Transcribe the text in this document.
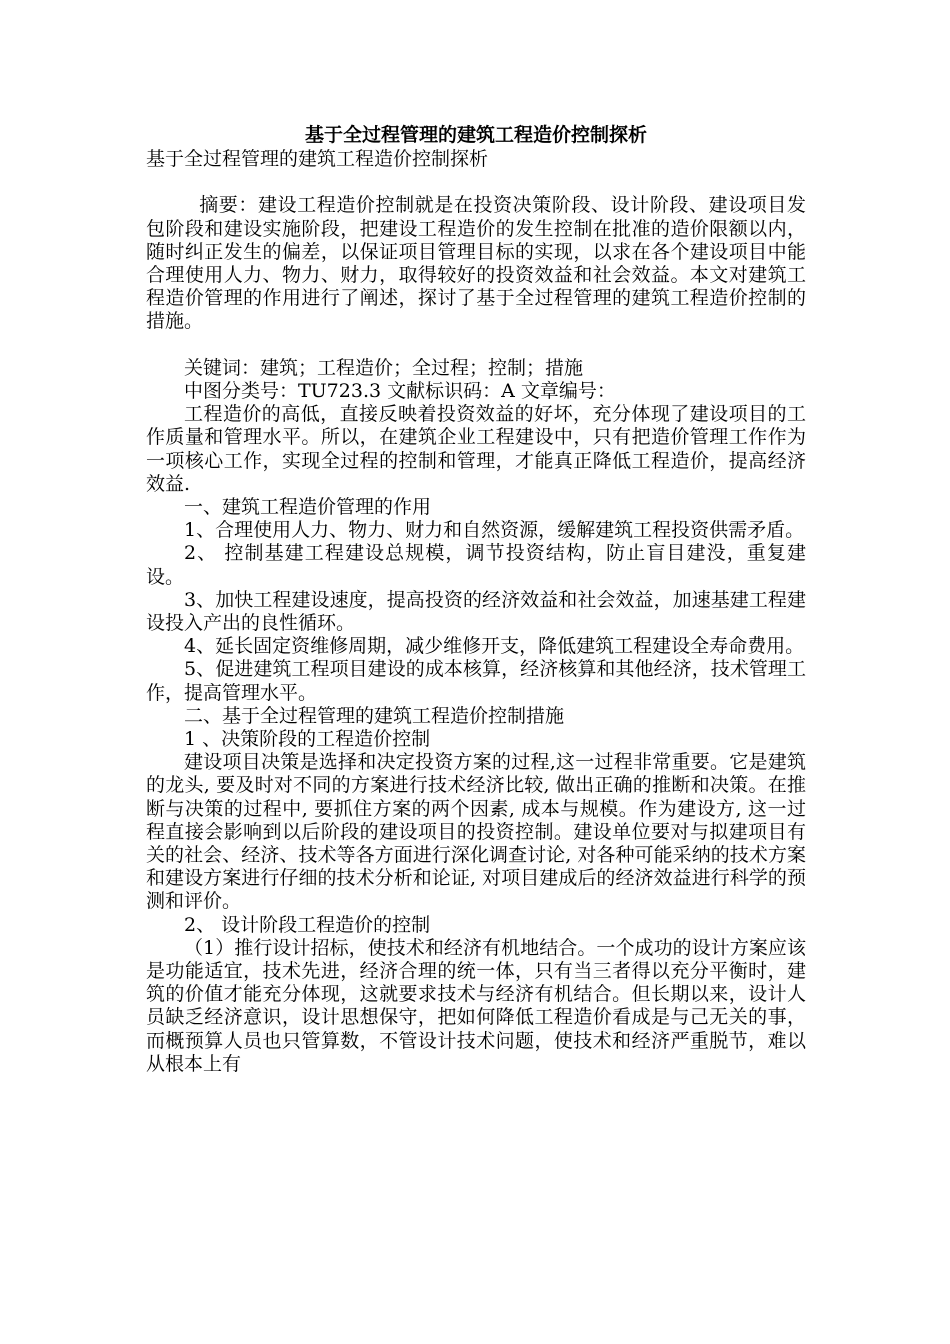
基于全过程管理的建筑工程造价控制探析

基于全过程管理的建筑工程造价控制探析

摘要：建设工程造价控制就是在投资决策阶段、设计阶段、建设项目发包阶段和建设实施阶段，把建设工程造价的发生控制在批准的造价限额以内，随时纠正发生的偏差，以保证项目管理目标的实现，以求在各个建设项目中能合理使用人力、物力、财力，取得较好的投资效益和社会效益。本文对建筑工程造价管理的作用进行了阐述，探讨了基于全过程管理的建筑工程造价控制的措施。

关键词：建筑；工程造价；全过程；控制；措施

中图分类号：TU723.3 文献标识码：A 文章编号：

工程造价的高低，直接反映着投资效益的好坏，充分体现了建设项目的工作质量和管理水平。所以，在建筑企业工程建设中，只有把造价管理工作作为一项核心工作，实现全过程的控制和管理，才能真正降低工程造价，提高经济效益.

一、建筑工程造价管理的作用

1、合理使用人力、物力、财力和自然资源，缓解建筑工程投资供需矛盾。

2、 控制基建工程建设总规模，调节投资结构，防止盲目建没，重复建设。

3、加快工程建设速度，提高投资的经济效益和社会效益，加速基建工程建设投入产出的良性循环。

4、延长固定资维修周期，减少维修开支，降低建筑工程建设全寿命费用。

5、促进建筑工程项目建设的成本核算，经济核算和其他经济，技术管理工作，提高管理水平。

二、基于全过程管理的建筑工程造价控制措施

1 、决策阶段的工程造价控制

建设项目决策是选择和决定投资方案的过程,这一过程非常重要。它是建筑的龙头, 要及时对不同的方案进行技术经济比较, 做出正确的推断和决策。在推断与决策的过程中, 要抓住方案的两个因素, 成本与规模。作为建设方, 这一过程直接会影响到以后阶段的建设项目的投资控制。建设单位要对与拟建项目有关的社会、经济、技术等各方面进行深化调查讨论, 对各种可能采纳的技术方案和建设方案进行仔细的技术分析和论证, 对项目建成后的经济效益进行科学的预测和评价。

2、 设计阶段工程造价的控制

（1）推行设计招标，使技术和经济有机地结合。一个成功的设计方案应该是功能适宜，技术先进，经济合理的统一体，只有当三者得以充分平衡时，建筑的价值才能充分体现，这就要求技术与经济有机结合。但长期以来，设计人员缺乏经济意识，设计思想保守，把如何降低工程造价看成是与己无关的事，而概预算人员也只管算数，不管设计技术问题，使技术和经济严重脱节，难以从根本上有
